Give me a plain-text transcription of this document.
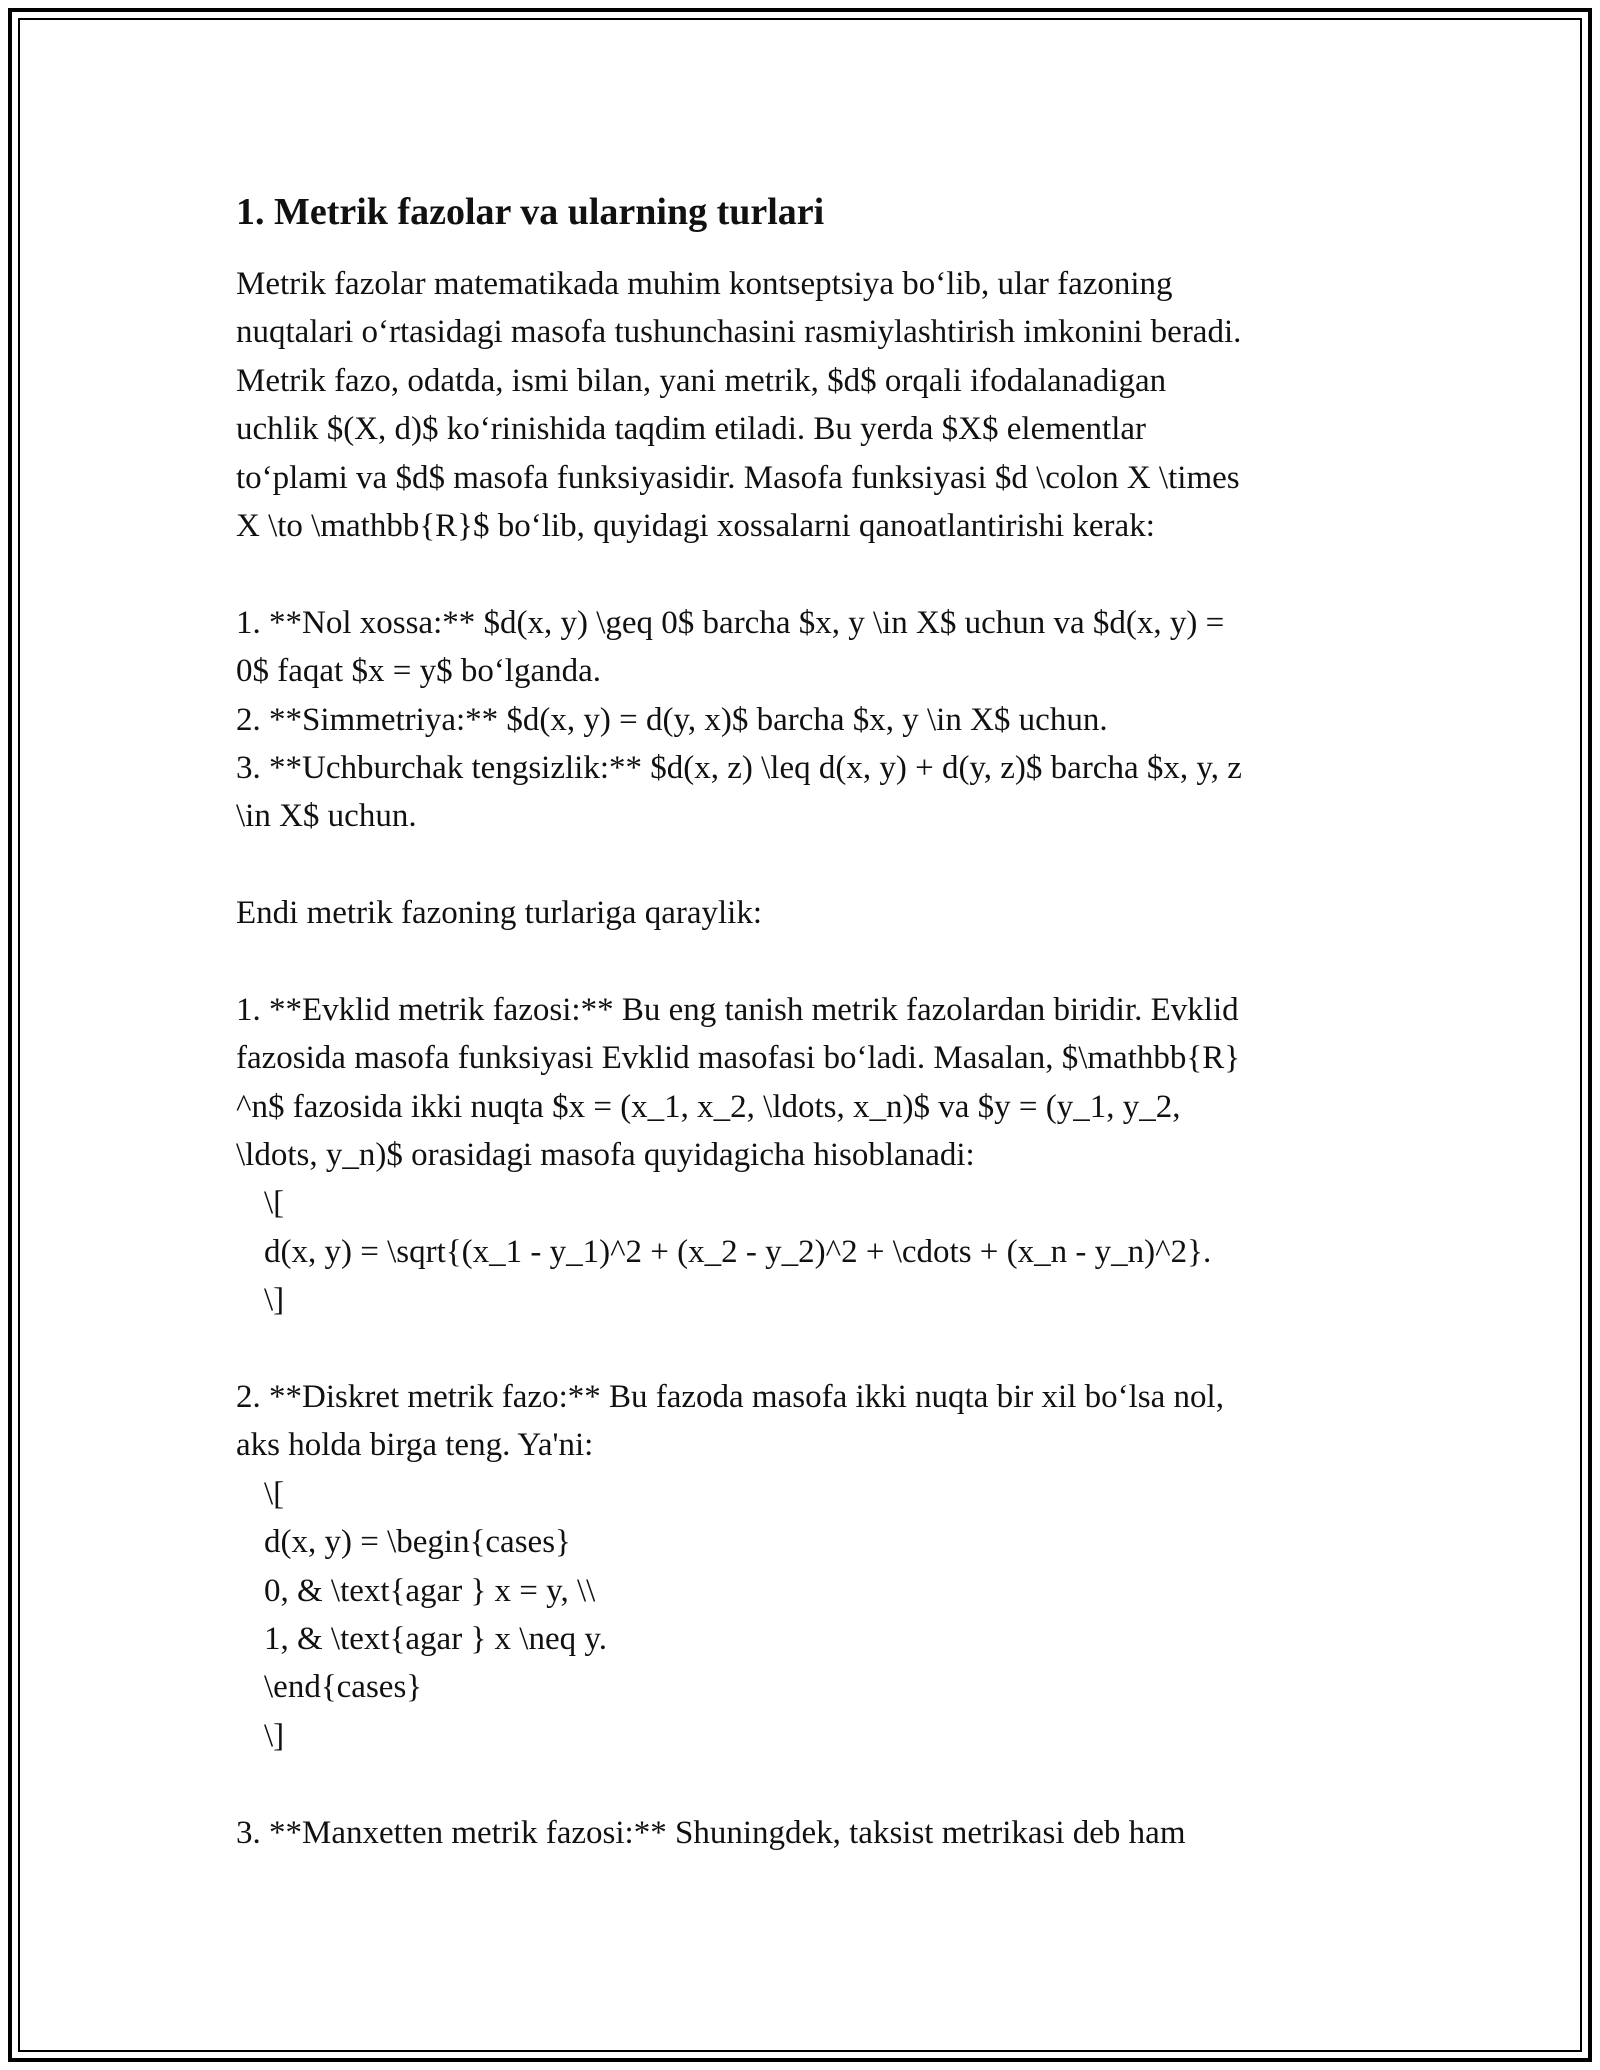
1. Metrik fazolar va ularning turlari
Metrik fazolar matematikada muhim kontseptsiya bo‘lib, ular fazoning
nuqtalari o‘rtasidagi masofa tushunchasini rasmiylashtirish imkonini beradi.
Metrik fazo, odatda, ismi bilan, yani metrik, $d$ orqali ifodalanadigan
uchlik $(X, d)$ ko‘rinishida taqdim etiladi. Bu yerda $X$ elementlar
to‘plami va $d$ masofa funksiyasidir. Masofa funksiyasi $d \colon X \times
X \to \mathbb{R}$ bo‘lib, quyidagi xossalarni qanoatlantirishi kerak:
1. **Nol xossa:** $d(x, y) \geq 0$ barcha $x, y \in X$ uchun va $d(x, y) =
0$ faqat $x = y$ bo‘lganda.
2. **Simmetriya:** $d(x, y) = d(y, x)$ barcha $x, y \in X$ uchun.
3. **Uchburchak tengsizlik:** $d(x, z) \leq d(x, y) + d(y, z)$ barcha $x, y, z
\in X$ uchun.
Endi metrik fazoning turlariga qaraylik:
1. **Evklid metrik fazosi:** Bu eng tanish metrik fazolardan biridir. Evklid
fazosida masofa funksiyasi Evklid masofasi bo‘ladi. Masalan, $\mathbb{R}
^n$ fazosida ikki nuqta $x = (x_1, x_2, \ldots, x_n)$ va $y = (y_1, y_2,
\ldots, y_n)$ orasidagi masofa quyidagicha hisoblanadi:
\[
d(x, y) = \sqrt{(x_1 - y_1)^2 + (x_2 - y_2)^2 + \cdots + (x_n - y_n)^2}.
\]
2. **Diskret metrik fazo:** Bu fazoda masofa ikki nuqta bir xil bo‘lsa nol,
aks holda birga teng. Ya'ni:
\[
d(x, y) = \begin{cases}
0, & \text{agar } x = y, \\
1, & \text{agar } x \neq y.
\end{cases}
\]
3. **Manxetten metrik fazosi:** Shuningdek, taksist metrikasi deb ham
